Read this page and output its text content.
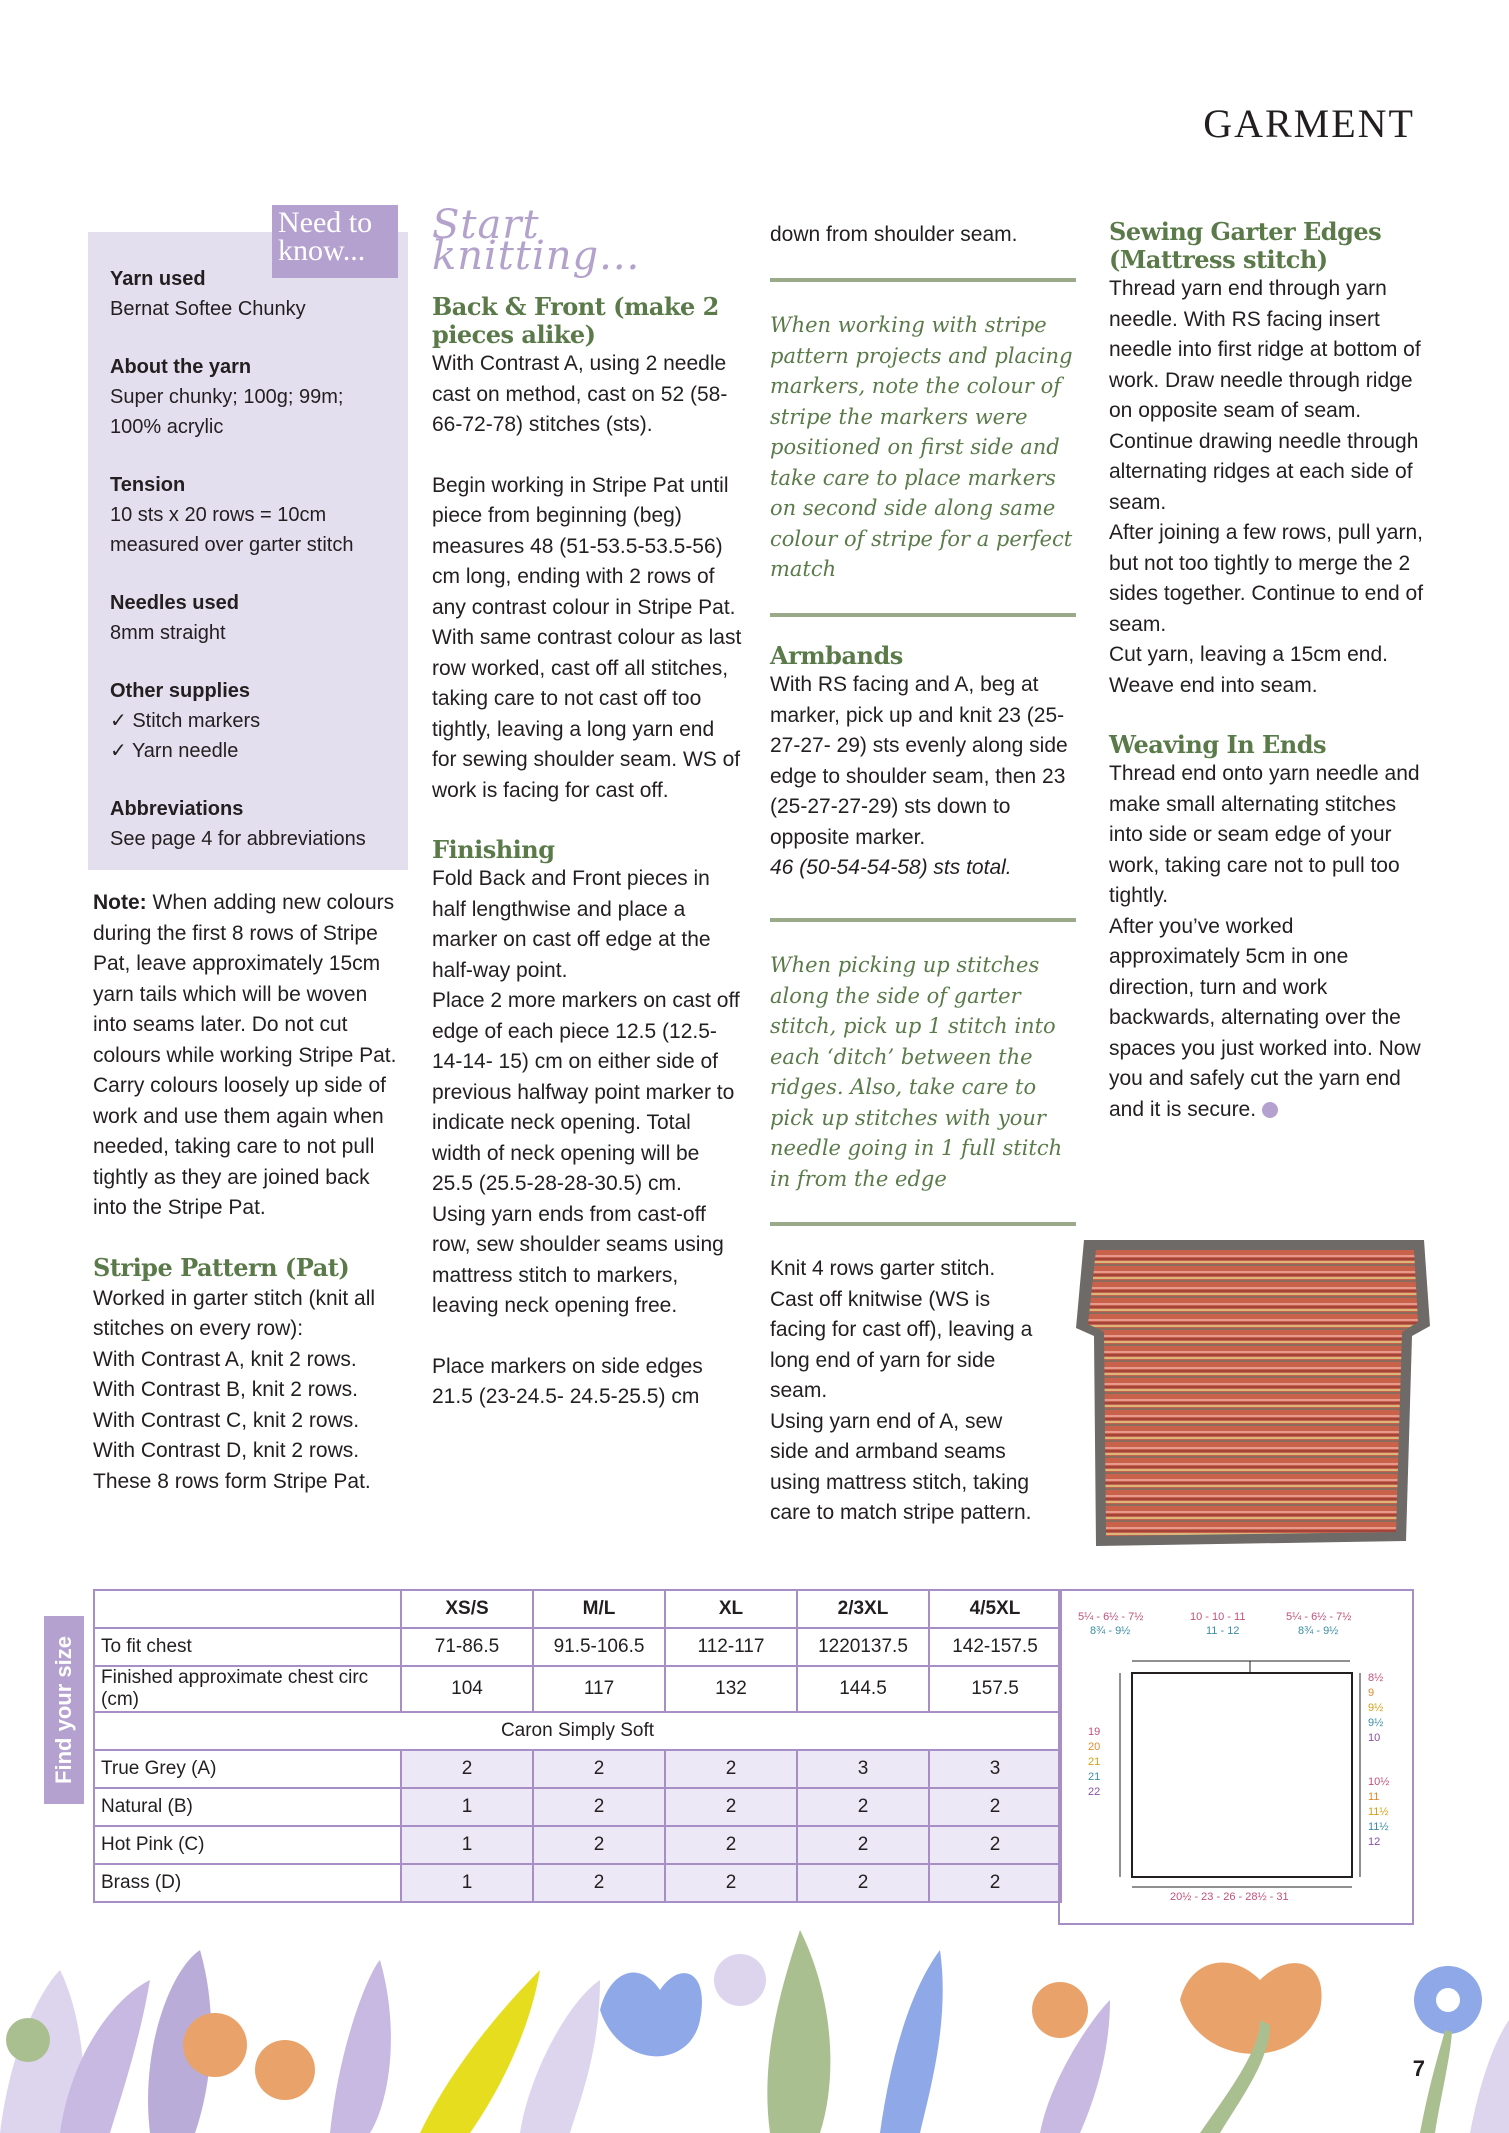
GARMENT
Yarn used
Bernat Softee Chunky
About the yarn
Super chunky; 100g; 99m;
100% acrylic
Tension
10 sts x 20 rows = 10cm
measured over garter stitch
Needles used
8mm straight
Other supplies
✓ Stitch markers
✓ Yarn needle
Abbreviations
See page 4 for abbreviations
Need to
know...

Note: When adding new colours during the first 8 rows of Stripe Pat, leave approximately 15cm yarn tails which will be woven into seams later. Do not cut colours while working Stripe Pat. Carry colours loosely up side of work and use them again when needed, taking care to not pull tightly as they are joined back into the Stripe Pat.

Stripe Pattern (Pat)
Worked in garter stitch (knit all stitches on every row):
With Contrast A, knit 2 rows.
With Contrast B, knit 2 rows.
With Contrast C, knit 2 rows.
With Contrast D, knit 2 rows.
These 8 rows form Stripe Pat.
Start knitting...
Back & Front (make 2 pieces alike)

With Contrast A, using 2 needle cast on method, cast on 52 (58-66-72-78) stitches (sts).

Begin working in Stripe Pat until piece from beginning (beg) measures 48 (51-53.5-53.5-56) cm long, ending with 2 rows of any contrast colour in Stripe Pat.

With same contrast colour as last row worked, cast off all stitches, taking care to not cast off too tightly, leaving a long yarn end for sewing shoulder seam. WS of work is facing for cast off.

Finishing

Fold Back and Front pieces in half lengthwise and place a marker on cast off edge at the half-way point.

Place 2 more markers on cast off edge of each piece 12.5 (12.5-14-14- 15) cm on either side of previous halfway point marker to indicate neck opening. Total width of neck opening will be 25.5 (25.5-28-28-30.5) cm.

Using yarn ends from cast-off row, sew shoulder seams using mattress stitch to markers, leaving neck opening free.

Place markers on side edges 21.5 (23-24.5- 24.5-25.5) cm

down from shoulder seam.

When working with stripe pattern projects and placing markers, note the colour of stripe the markers were positioned on first side and take care to place markers on second side along same colour of stripe for a perfect match
Armbands

With RS facing and A, beg at marker, pick up and knit 23 (25-27-27- 29) sts evenly along side edge to shoulder seam, then 23 (25-27-27-29) sts down to opposite marker.

46 (50-54-54-58) sts total.

When picking up stitches along the side of garter stitch, pick up 1 stitch into each ‘ditch’ between the ridges. Also, take care to pick up stitches with your needle going in 1 full stitch in from the edge

Knit 4 rows garter stitch. Cast off knitwise (WS is facing for cast off), leaving a long end of yarn for side seam.

Using yarn end of A, sew side and armband seams using mattress stitch, taking care to match stripe pattern.

Sewing Garter Edges (Mattress stitch)

Thread yarn end through yarn needle. With RS facing insert needle into first ridge at bottom of work. Draw needle through ridge on opposite seam of seam. Continue drawing needle through alternating ridges at each side of seam.

After joining a few rows, pull yarn, but not too tightly to merge the 2 sides together. Continue to end of seam.

Cut yarn, leaving a 15cm end. Weave end into seam.

Weaving In Ends

Thread end onto yarn needle and make small alternating stitches into side or seam edge of your work, taking care not to pull too tightly.

After you’ve worked approximately 5cm in one direction, turn and work backwards, alternating over the spaces you just worked into. Now you and safely cut the yarn end and it is secure.

Find your size
	XS/S	M/L	XL	2/3XL	4/5XL
To fit chest	71-86.5	91.5-106.5	112-117	1220137.5	142-157.5
Finished approximate chest circ (cm)	104	117	132	144.5	157.5
Caron Simply Soft					
True Grey (A)	2	2	2	3	3
Natural (B)	1	2	2	2	2
Hot Pink (C)	1	2	2	2	2
Brass (D)	1	2	2	2	2
5¼ - 6½ - 7½
8¾ - 9½
10 - 10 - 11
11 - 12
5¼ - 6½ - 7½
8¾ - 9½
8½
9
9½
9½
10
10½
11
11½
11½
12
19
20
21
21
22
20½ - 23 - 26 - 28½ - 31
7
